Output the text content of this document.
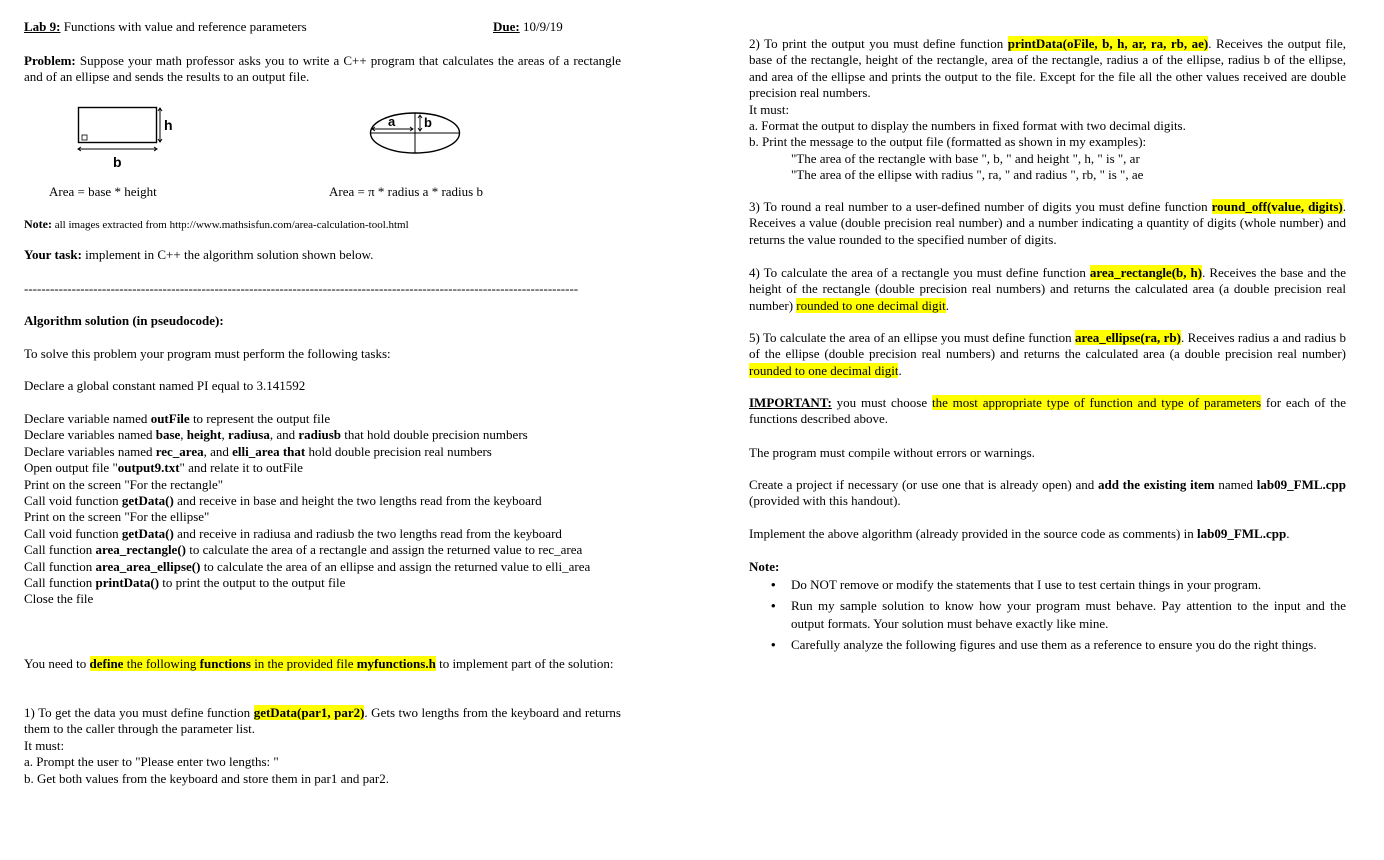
Lab 9: Functions with value and reference parameters	Due: 10/9/19
Problem: Suppose your math professor asks you to write a C++ program that calculates the areas of a rectangle and of an ellipse and sends the results to an output file.
h
b
a b
Area = base * height	Area = π * radius a * radius b
Note: all images extracted from http://www.mathsisfun.com/area-calculation-tool.html
Your task: implement in C++ the algorithm solution shown below.
--------------------------------------------------------------------------------------------------------------------------------
Algorithm solution (in pseudocode):
To solve this problem your program must perform the following tasks:
Declare a global constant named PI equal to 3.141592
Declare variable named outFile to represent the output file
Declare variables named base, height, radiusa, and radiusb that hold double precision numbers
Declare variables named rec_area, and elli_area that hold double precision real numbers
Open output file "output9.txt" and relate it to outFile
Print on the screen "For the rectangle"
Call void function getData() and receive in base and height the two lengths read from the keyboard
Print on the screen "For the ellipse"
Call void function getData() and receive in radiusa and radiusb the two lengths read from the keyboard
Call function area_rectangle() to calculate the area of a rectangle and assign the returned value to rec_area
Call function area_area_ellipse() to calculate the area of an ellipse and assign the returned value to elli_area
Call function printData() to print the output to the output file
Close the file
You need to define the following functions in the provided file myfunctions.h to implement part of the solution:
1) To get the data you must define function getData(par1, par2). Gets two lengths from the keyboard and returns them to the caller through the parameter list.
It must:
a. Prompt the user to "Please enter two lengths: "
b. Get both values from the keyboard and store them in par1 and par2.
2) To print the output you must define function printData(oFile, b, h, ar, ra, rb, ae). Receives the output file, base of the rectangle, height of the rectangle, area of the rectangle, radius a of the ellipse, radius b of the ellipse, and area of the ellipse and prints the output to the file. Except for the file all the other values received are double precision real numbers.
It must:
a. Format the output to display the numbers in fixed format with two decimal digits.
b. Print the message to the output file (formatted as shown in my examples):
"The area of the rectangle with base ", b, " and height ", h, " is ", ar
"The area of the ellipse with radius ", ra, " and radius ", rb, " is ", ae
3) To round a real number to a user-defined number of digits you must define function round_off(value, digits). Receives a value (double precision real number) and a number indicating a quantity of digits (whole number) and returns the value rounded to the specified number of digits.
4) To calculate the area of a rectangle you must define function area_rectangle(b, h). Receives the base and the height of the rectangle (double precision real numbers) and returns the calculated area (a double precision real number) rounded to one decimal digit.
5) To calculate the area of an ellipse you must define function area_ellipse(ra, rb). Receives radius a and radius b of the ellipse (double precision real numbers) and returns the calculated area (a double precision real number) rounded to one decimal digit.
IMPORTANT: you must choose the most appropriate type of function and type of parameters for each of the functions described above.
The program must compile without errors or warnings.
Create a project if necessary (or use one that is already open) and add the existing item named lab09_FML.cpp (provided with this handout).
Implement the above algorithm (already provided in the source code as comments) in lab09_FML.cpp.
Note:
• Do NOT remove or modify the statements that I use to test certain things in your program.
• Run my sample solution to know how your program must behave. Pay attention to the input and the output formats. Your solution must behave exactly like mine.
• Carefully analyze the following figures and use them as a reference to ensure you do the right things.
